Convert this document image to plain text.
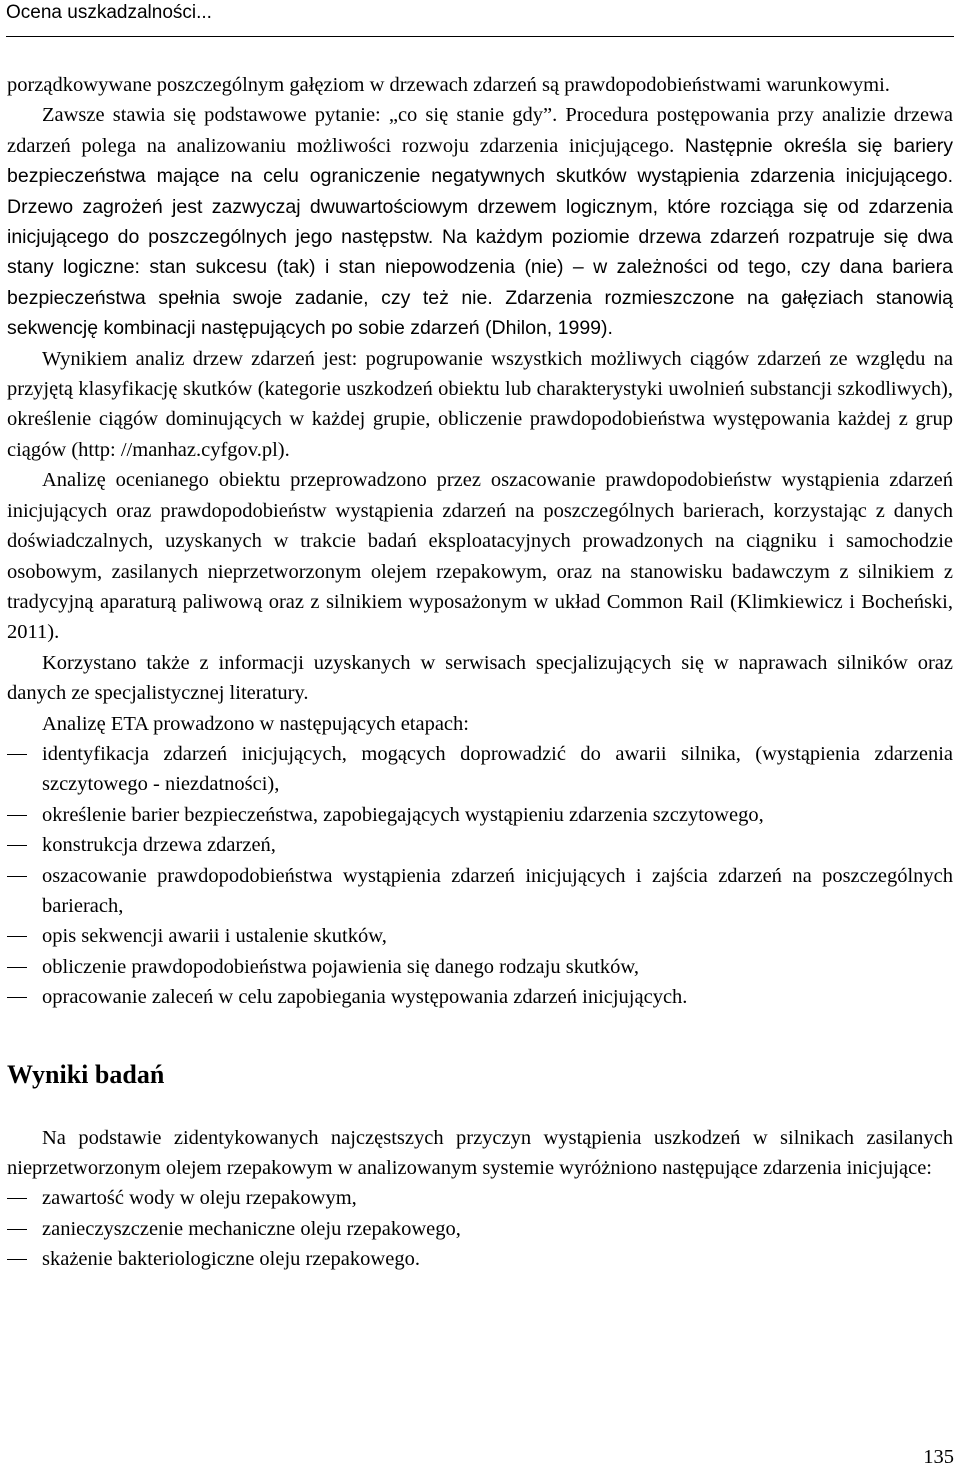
Ocena uszkadzalności...

porządkowywane poszczególnym gałęziom w drzewach zdarzeń są prawdopodobieństwami warunkowymi.

Zawsze stawia się podstawowe pytanie: „co się stanie gdy”. Procedura postępowania przy analizie drzewa zdarzeń polega na analizowaniu możliwości rozwoju zdarzenia inicjującego. Następnie określa się bariery bezpieczeństwa mające na celu ograniczenie negatywnych skutków wystąpienia zdarzenia inicjującego. Drzewo zagrożeń jest zazwyczaj dwuwartościowym drzewem logicznym, które rozciąga się od zdarzenia inicjującego do poszczególnych jego następstw. Na każdym poziomie drzewa zdarzeń rozpatruje się dwa stany logiczne: stan sukcesu (tak) i stan niepowodzenia (nie) – w zależności od tego, czy dana bariera bezpieczeństwa spełnia swoje zadanie, czy też nie. Zdarzenia rozmieszczone na gałęziach stanowią sekwencję kombinacji następujących po sobie zdarzeń (Dhilon, 1999).

Wynikiem analiz drzew zdarzeń jest: pogrupowanie wszystkich możliwych ciągów zdarzeń ze względu na przyjętą klasyfikację skutków (kategorie uszkodzeń obiektu lub charakterystyki uwolnień substancji szkodliwych), określenie ciągów dominujących w każdej grupie, obliczenie prawdopodobieństwa występowania każdej z grup ciągów (http: //manhaz.cyfgov.pl).

Analizę ocenianego obiektu przeprowadzono przez oszacowanie prawdopodobieństw wystąpienia zdarzeń inicjujących oraz prawdopodobieństw wystąpienia zdarzeń na poszczególnych barierach, korzystając z danych doświadczalnych, uzyskanych w trakcie badań eksploatacyjnych prowadzonych na ciągniku i samochodzie osobowym, zasilanych nieprzetworzonym olejem rzepakowym, oraz na stanowisku badawczym z silnikiem z tradycyjną aparaturą paliwową oraz z silnikiem wyposażonym w układ Common Rail (Klimkiewicz i Bocheński, 2011).

Korzystano także z informacji uzyskanych w serwisach specjalizujących się w naprawach silników oraz danych ze specjalistycznej literatury.

Analizę ETA prowadzono w następujących etapach:

identyfikacja zdarzeń inicjujących, mogących doprowadzić do awarii silnika, (wystąpienia zdarzenia szczytowego - niezdatności),
określenie barier bezpieczeństwa, zapobiegających wystąpieniu zdarzenia szczytowego,
konstrukcja drzewa zdarzeń,
oszacowanie prawdopodobieństwa wystąpienia zdarzeń inicjujących i zajścia zdarzeń na poszczególnych barierach,
opis sekwencji awarii i ustalenie skutków,
obliczenie prawdopodobieństwa pojawienia się danego rodzaju skutków,
opracowanie zaleceń w celu zapobiegania występowania zdarzeń inicjujących.
Wyniki badań

Na podstawie zidentykowanych najczęstszych przyczyn wystąpienia uszkodzeń w silnikach zasilanych nieprzetworzonym olejem rzepakowym w analizowanym systemie wyróżniono następujące zdarzenia inicjujące:

zawartość wody w oleju rzepakowym,
zanieczyszczenie mechaniczne oleju rzepakowego,
skażenie bakteriologiczne oleju rzepakowego.
135
